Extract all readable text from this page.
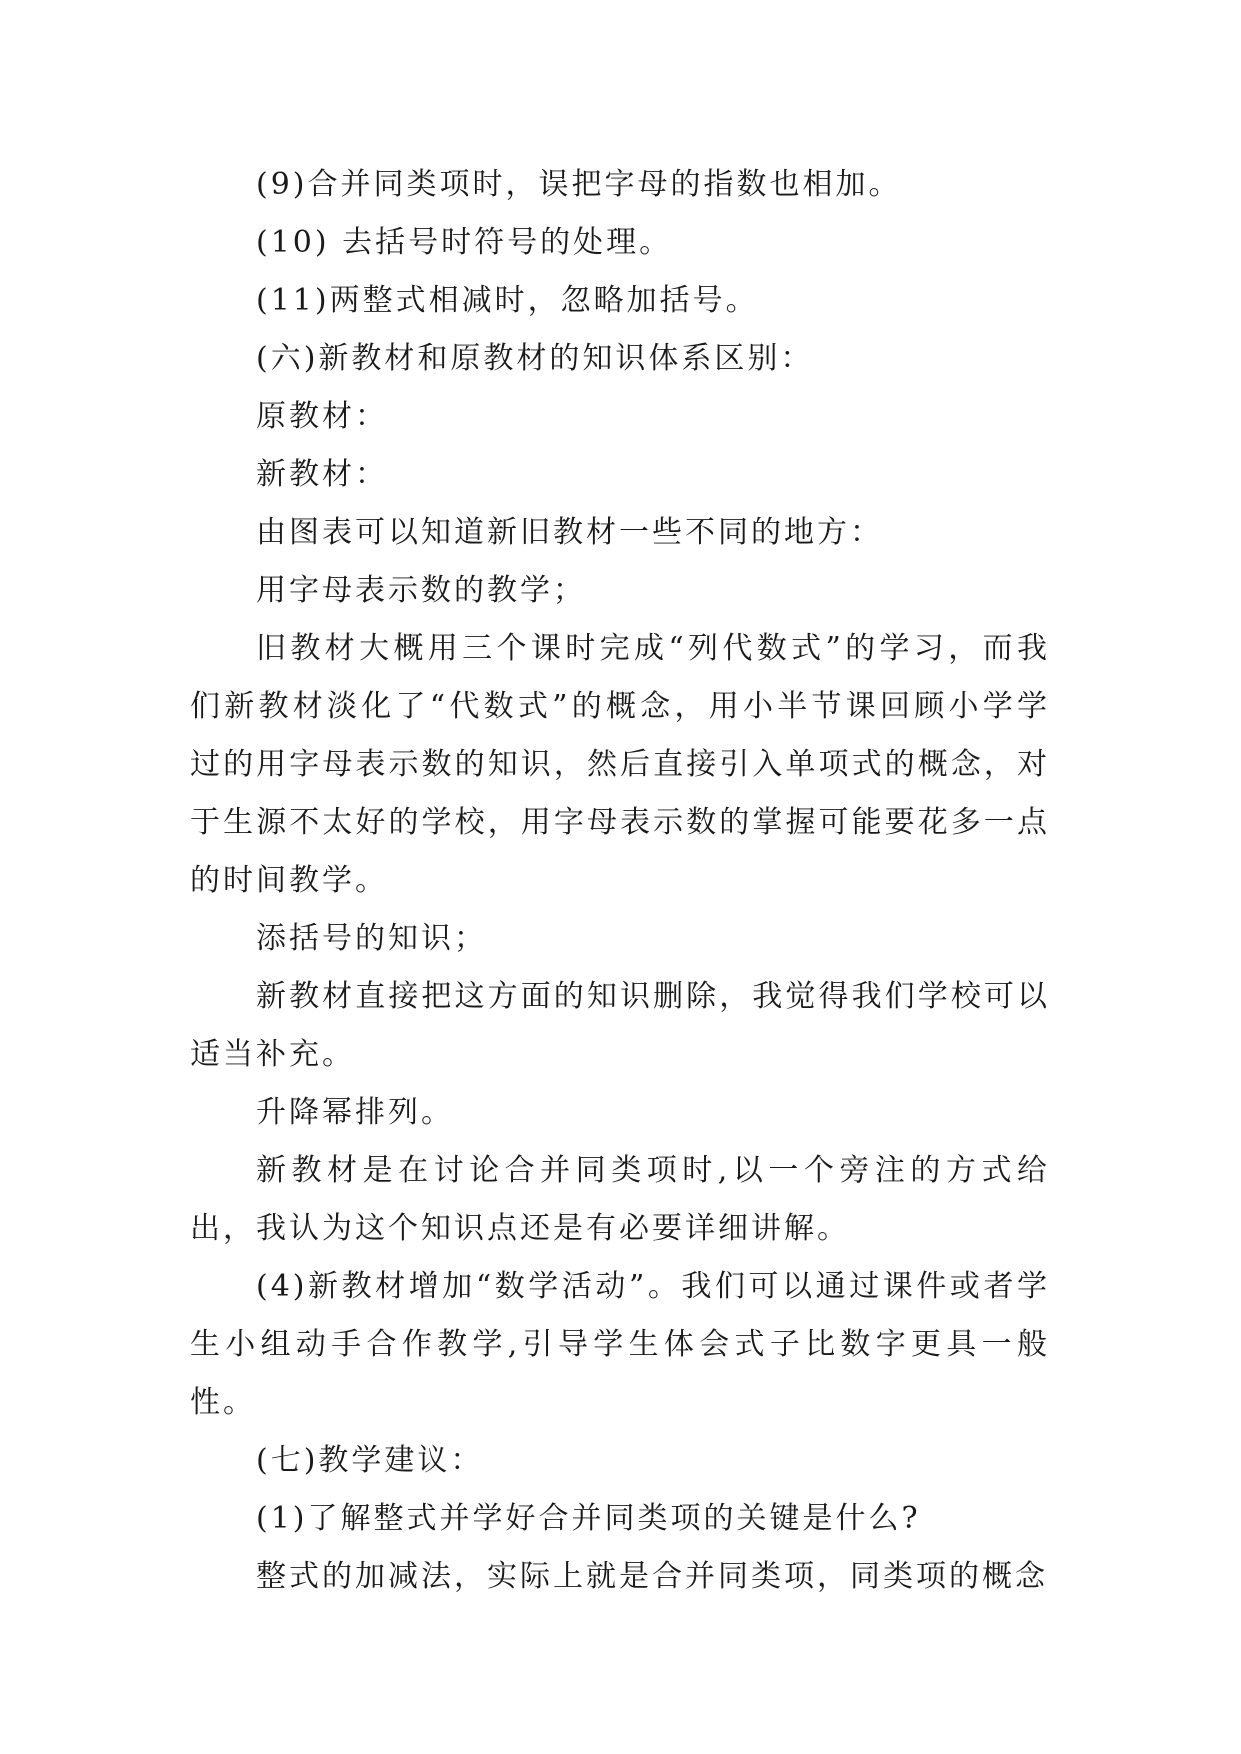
(9)合并同类项时，误把字母的指数也相加。

(10) 去括号时符号的处理。

(11)两整式相减时，忽略加括号。

(六)新教材和原教材的知识体系区别：

原教材：

新教材：

由图表可以知道新旧教材一些不同的地方：

用字母表示数的教学；

旧教材大概用三个课时完成“列代数式”的学习，而我们新教材淡化了“代数式”的概念，用小半节课回顾小学学过的用字母表示数的知识，然后直接引入单项式的概念，对于生源不太好的学校，用字母表示数的掌握可能要花多一点的时间教学。

添括号的知识；

新教材直接把这方面的知识删除，我觉得我们学校可以适当补充。

升降幂排列。

新教材是在讨论合并同类项时,以一个旁注的方式给出，我认为这个知识点还是有必要详细讲解。

(4)新教材增加“数学活动”。我们可以通过课件或者学生小组动手合作教学,引导学生体会式子比数字更具一般性。

(七)教学建议：

(1)了解整式并学好合并同类项的关键是什么?

整式的加减法，实际上就是合并同类项，同类项的概念
